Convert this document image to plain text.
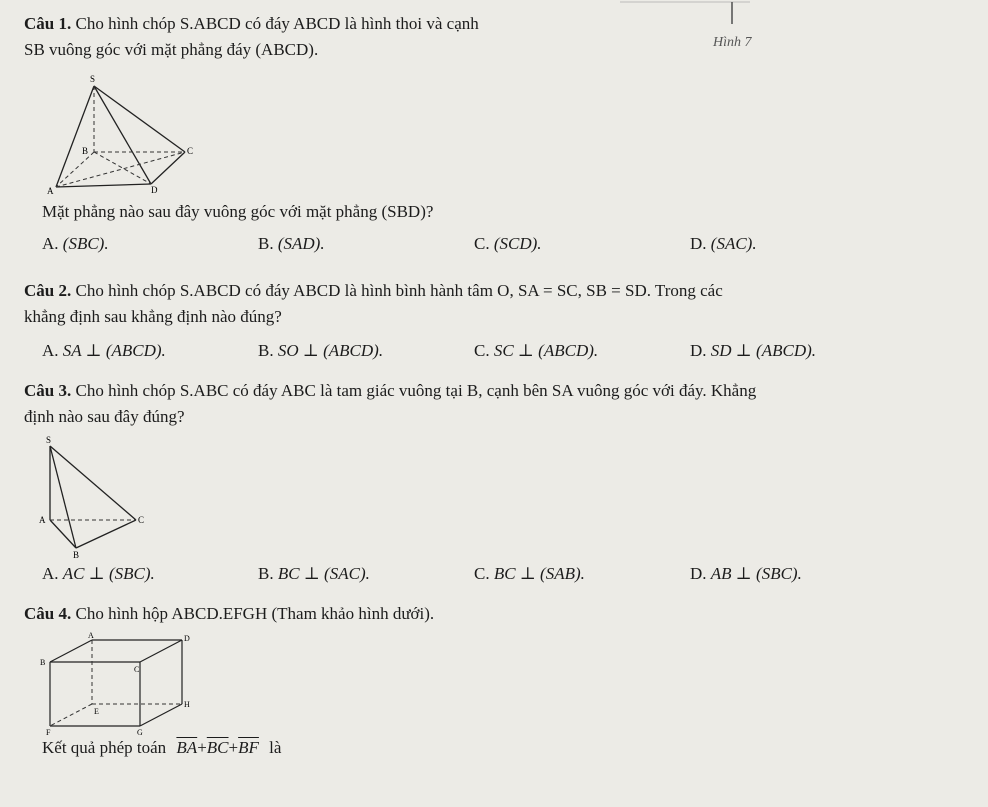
Câu 1. Cho hình chóp S.ABCD có đáy ABCD là hình thoi và cạnh
SB vuông góc với mặt phẳng đáy (ABCD).	Hình 7
S
B	C
A	D
Mặt phẳng nào sau đây vuông góc với mặt phẳng (SBD)?
A. (SBC).	B. (SAD).	C. (SCD).	D. (SAC).
Câu 2. Cho hình chóp S.ABCD có đáy ABCD là hình bình hành tâm O, SA = SC, SB = SD. Trong các
khẳng định sau khẳng định nào đúng?
A. SA ⊥ (ABCD).	B. SO ⊥ (ABCD).	C. SC ⊥ (ABCD).	D. SD ⊥ (ABCD).
Câu 3. Cho hình chóp S.ABC có đáy ABC là tam giác vuông tại B, cạnh bên SA vuông góc với đáy. Khẳng
định nào sau đây đúng?
S
A	C
B
A. AC ⊥ (SBC).	B. BC ⊥ (SAC).	C. BC ⊥ (SAB).	D. AB ⊥ (SBC).
Câu 4. Cho hình hộp ABCD.EFGH (Tham khảo hình dưới).
A	D
B
C
E
H
F	G
Kết quả phép toán $\overline{BA}+\overline{BC}+\overline{BF}$ là
